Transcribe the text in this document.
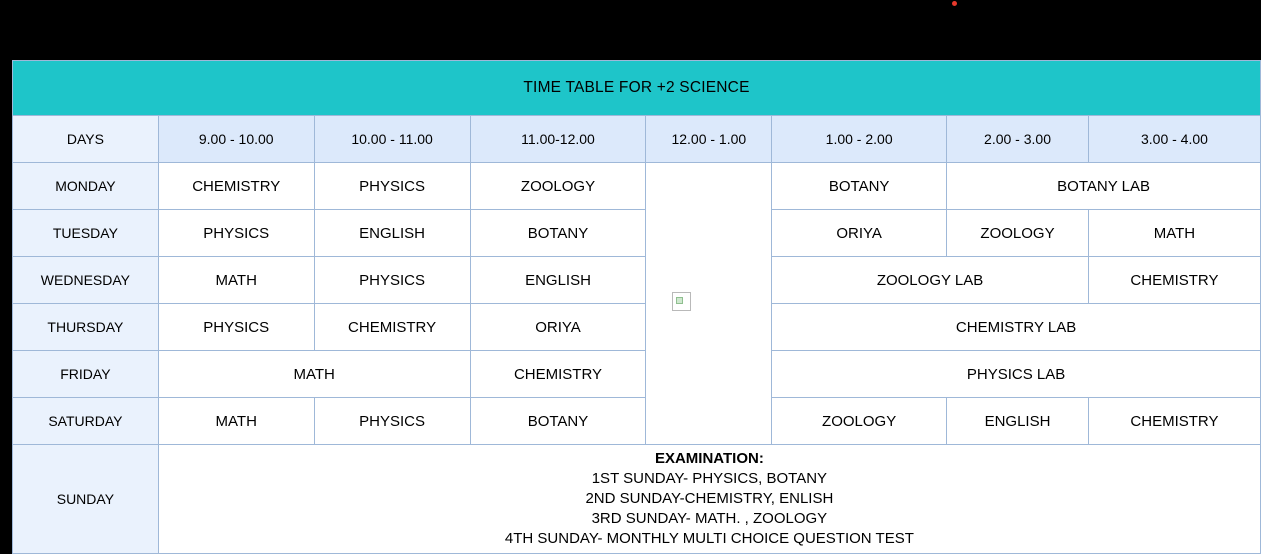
TIME TABLE FOR +2 SCIENCE							
DAYS	9.00 - 10.00	10.00 - 11.00	11.00-12.00	12.00 - 1.00	1.00 - 2.00	2.00 - 3.00	3.00 - 4.00
MONDAY	CHEMISTRY	PHYSICS	ZOOLOGY		BOTANY	BOTANY LAB	
TUESDAY	PHYSICS	ENGLISH	BOTANY		ORIYA	ZOOLOGY	MATH
WEDNESDAY	MATH	PHYSICS	ENGLISH		ZOOLOGY LAB		CHEMISTRY
THURSDAY	PHYSICS	CHEMISTRY	ORIYA		CHEMISTRY LAB		
FRIDAY	MATH		CHEMISTRY		PHYSICS LAB		
SATURDAY	MATH	PHYSICS	BOTANY		ZOOLOGY	ENGLISH	CHEMISTRY
SUNDAY	EXAMINATION:
1ST SUNDAY- PHYSICS, BOTANY
2ND SUNDAY-CHEMISTRY, ENLISH
3RD SUNDAY- MATH. , ZOOLOGY
4TH SUNDAY- MONTHLY MULTI CHOICE QUESTION TEST						
